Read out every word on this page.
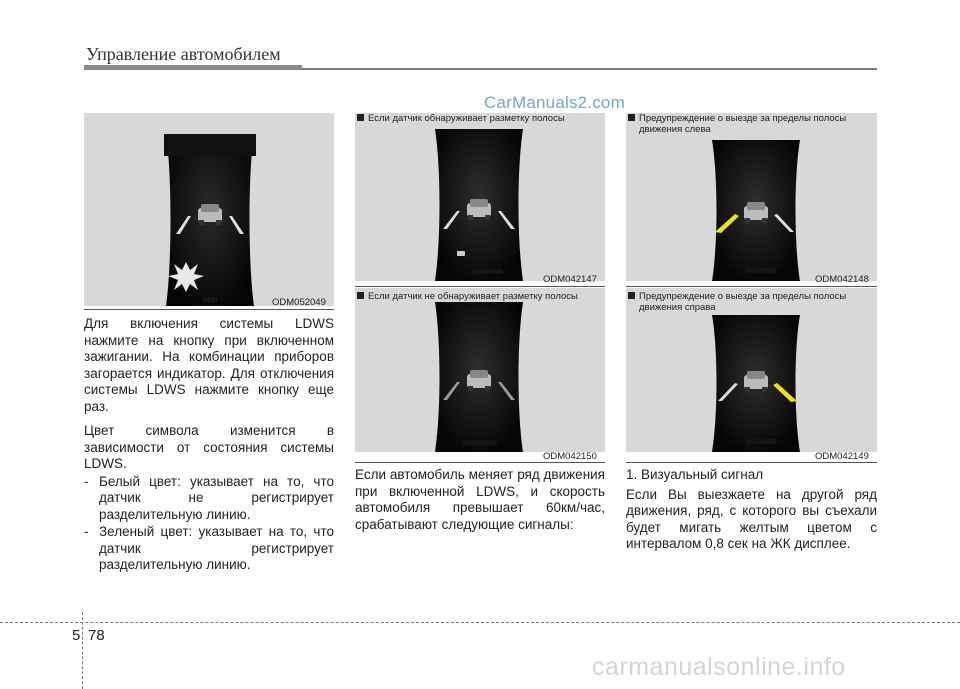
Управление автомобилем
CarManuals2.com
ODM	ODM052049
Если датчик обнаруживает разметку полосы
ODM042147
Если датчик не обнаруживает разметку полосы
ODM042150
Предупреждение о выезде за пределы полосы
движения слева
ODM042148
Предупреждение о выезде за пределы полосы
движения справа
ODM042149

Для включения системы LDWS нажмите на кнопку при включенном зажигании. На комбинации приборов загорается индикатор. Для отключения системы LDWS нажмите кнопку еще раз.

Цвет символа изменится в зависимости от состояния системы LDWS.

- Белый цвет: указывает на то, что датчик не регистрирует разделительную линию.
- Зеленый цвет: указывает на то, что датчик регистрирует разделительную линию.

Если автомобиль меняет ряд движения при включенной LDWS, и скорость автомобиля превышает 60км/час, срабатывают следующие сигналы:

1. Визуальный сигнал

Если Вы выезжаете на другой ряд движения, ряд, с которого вы съехали будет мигать желтым цветом с интервалом 0,8 сек на ЖК дисплее.

5 78
carmanualsonline.info
